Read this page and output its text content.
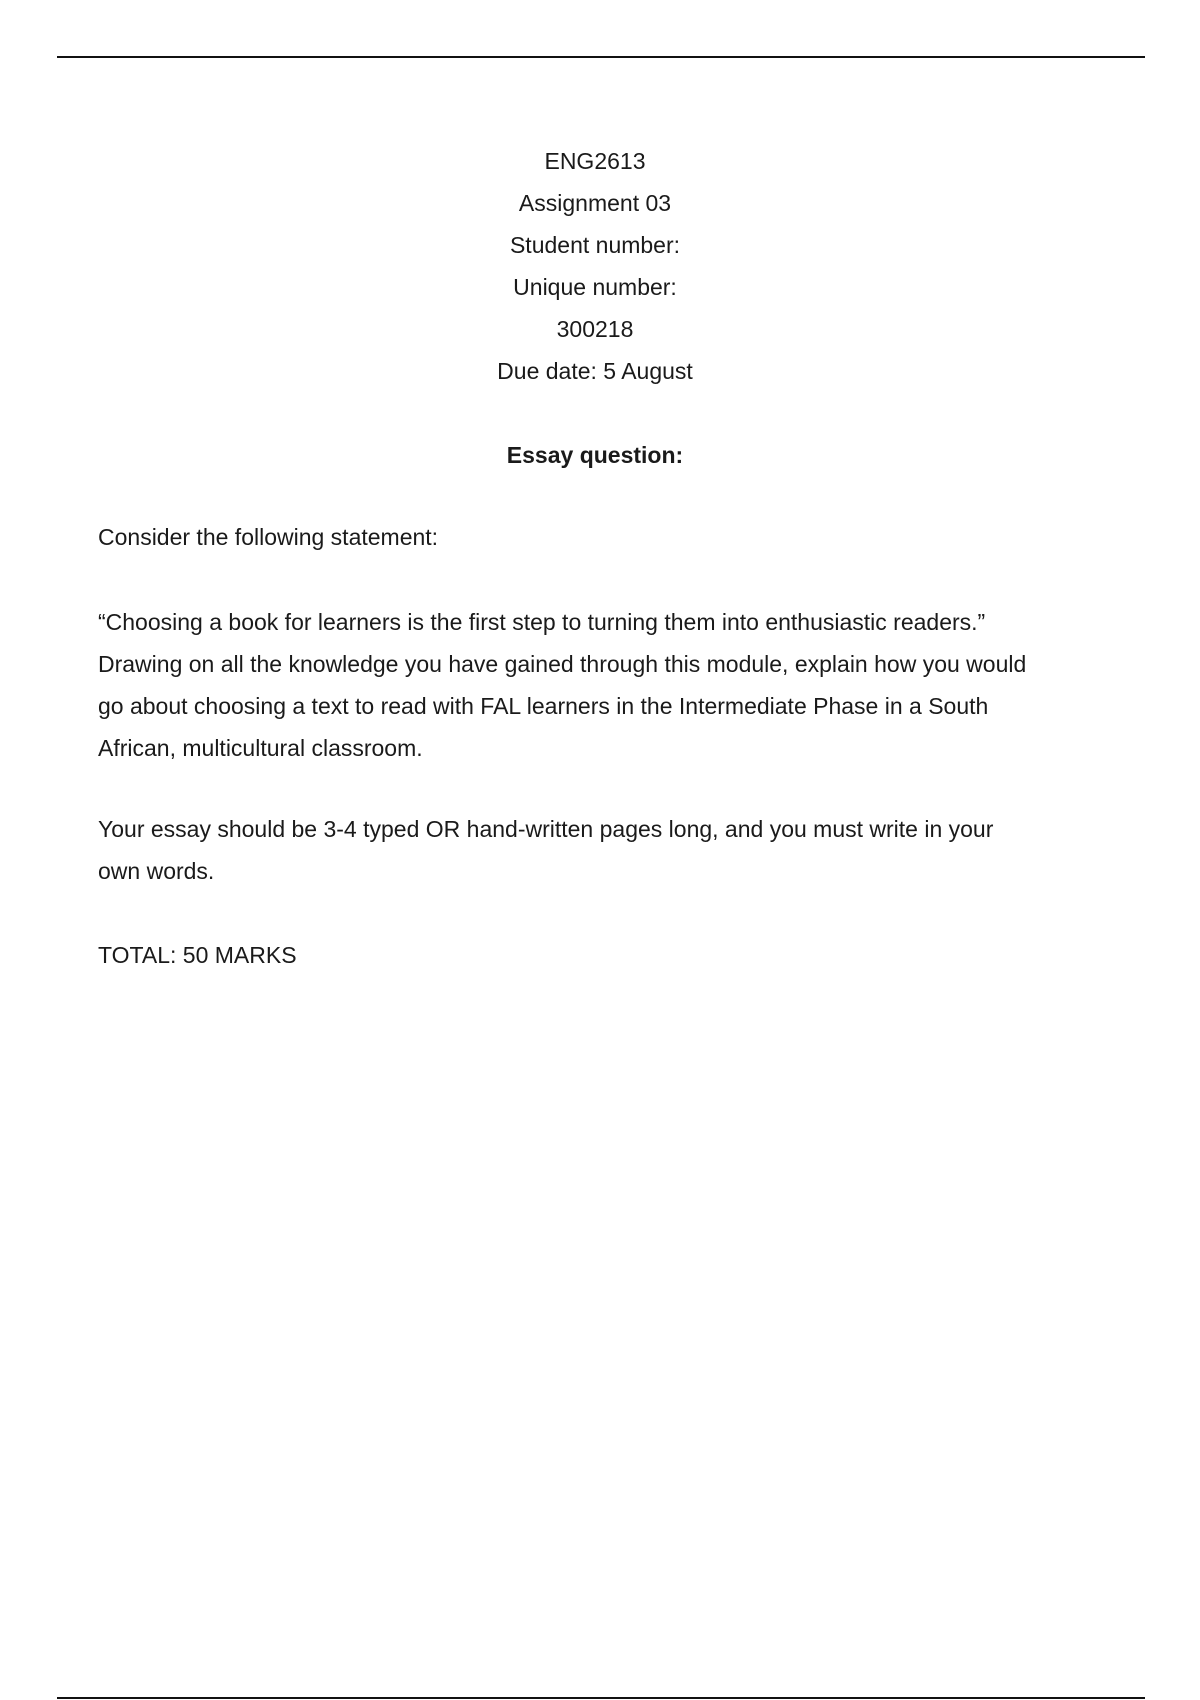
ENG2613
Assignment 03
Student number:
Unique number:
300218
Due date: 5 August
Essay question:

Consider the following statement:

“Choosing a book for learners is the first step to turning them into enthusiastic readers.”
Drawing on all the knowledge you have gained through this module, explain how you would
go about choosing a text to read with FAL learners in the Intermediate Phase in a South
African, multicultural classroom.

Your essay should be 3-4 typed OR hand-written pages long, and you must write in your
own words.

TOTAL: 50 MARKS
